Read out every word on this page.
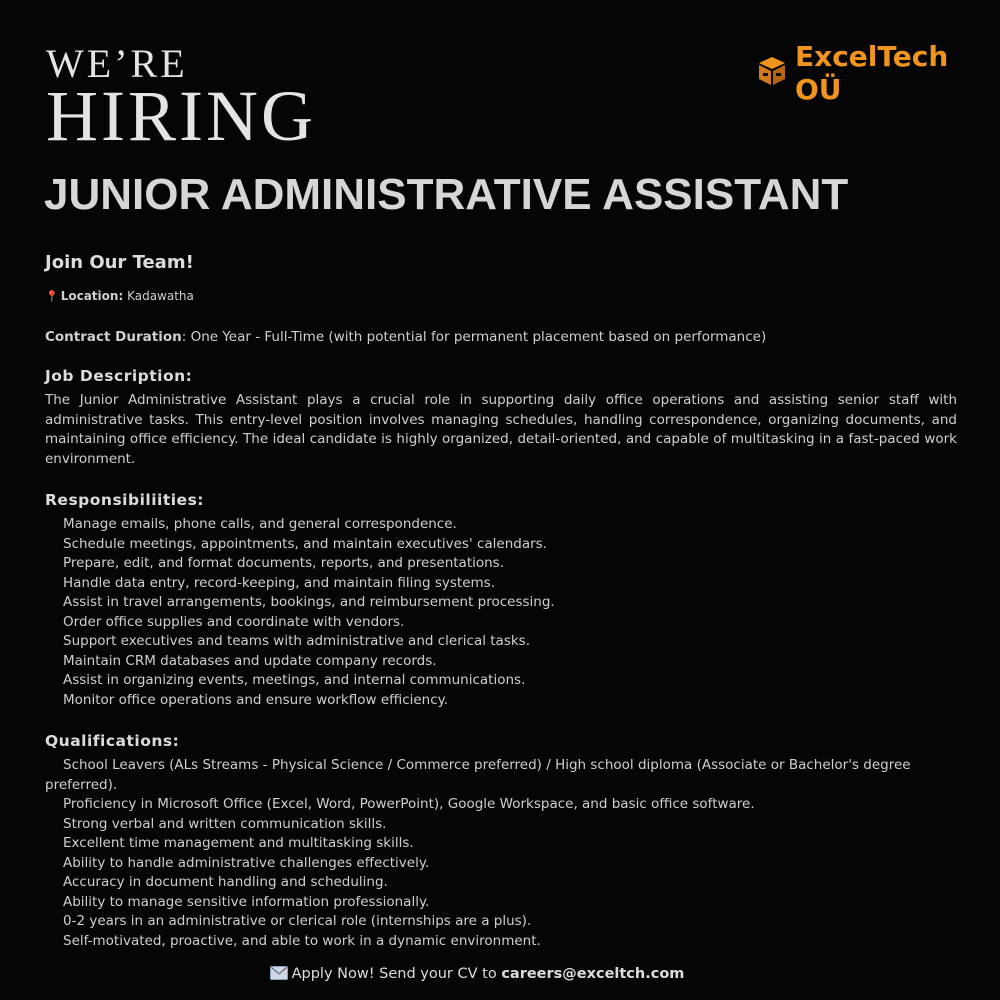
WE’RE
HIRING
ExcelTech OÜ
JUNIOR ADMINISTRATIVE ASSISTANT

Join Our Team!

📍 Location: Kadawatha
Contract Duration: One Year - Full-Time (with potential for permanent placement based on performance)
Job Description:

The Junior Administrative Assistant plays a crucial role in supporting daily office operations and assisting senior staff with administrative tasks. This entry-level position involves managing schedules, handling correspondence, organizing documents, and maintaining office efficiency. The ideal candidate is highly organized, detail-oriented, and capable of multitasking in a fast-paced work environment.

Responsibiliities:
Manage emails, phone calls, and general correspondence.
Schedule meetings, appointments, and maintain executives' calendars.
Prepare, edit, and format documents, reports, and presentations.
Handle data entry, record-keeping, and maintain filing systems.
Assist in travel arrangements, bookings, and reimbursement processing.
Order office supplies and coordinate with vendors.
Support executives and teams with administrative and clerical tasks.
Maintain CRM databases and update company records.
Assist in organizing events, meetings, and internal communications.
Monitor office operations and ensure workflow efficiency.
Qualifications:
School Leavers (ALs Streams - Physical Science / Commerce preferred) / High school diploma (Associate or Bachelor's degree preferred).
Proficiency in Microsoft Office (Excel, Word, PowerPoint), Google Workspace, and basic office software.
Strong verbal and written communication skills.
Excellent time management and multitasking skills.
Ability to handle administrative challenges effectively.
Accuracy in document handling and scheduling.
Ability to manage sensitive information professionally.
0-2 years in an administrative or clerical role (internships are a plus).
Self-motivated, proactive, and able to work in a dynamic environment.
Apply Now! Send your CV to careers@exceltch.com
